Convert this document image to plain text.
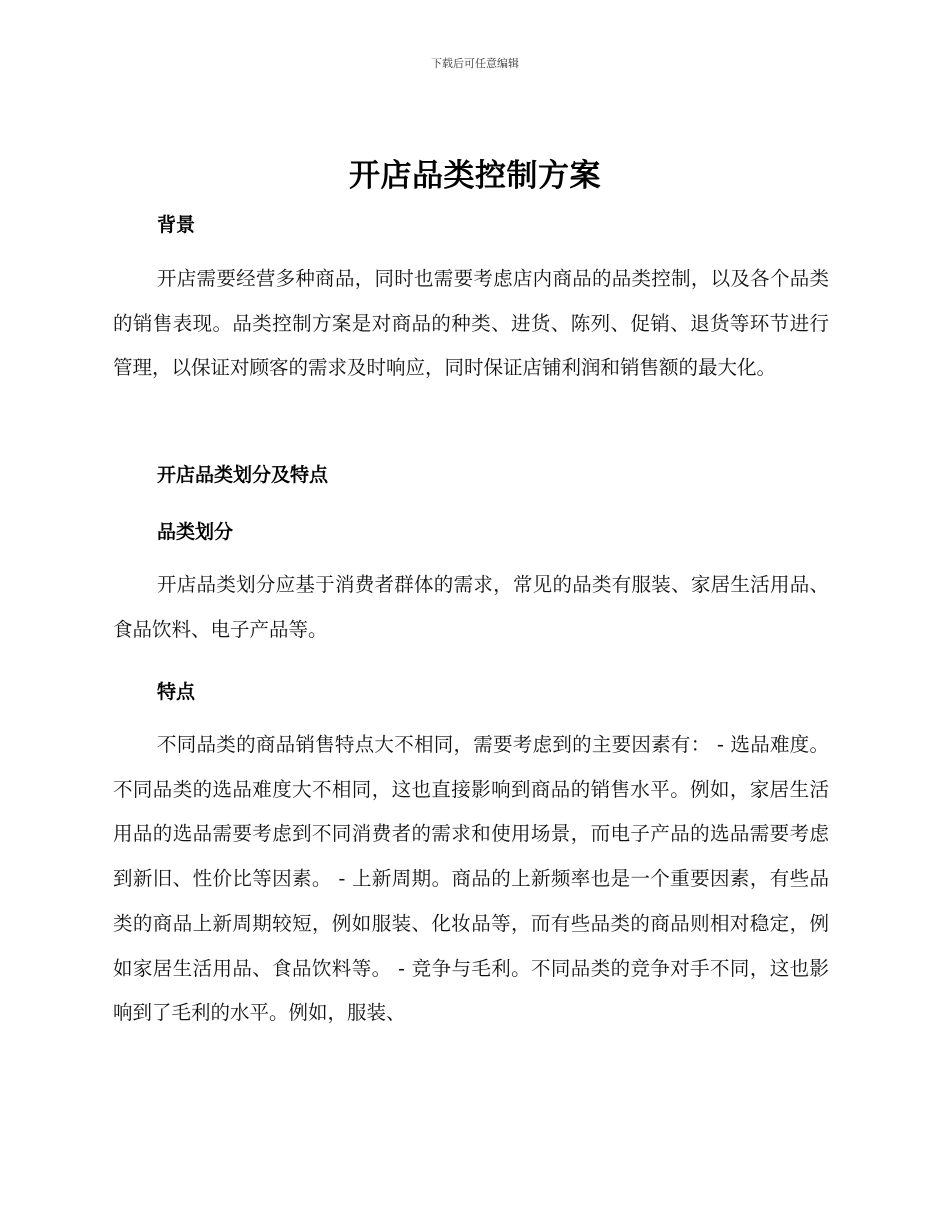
下载后可任意编辑
开店品类控制方案
背景

开店需要经营多种商品，同时也需要考虑店内商品的品类控制，以及各个品类的销售表现。品类控制方案是对商品的种类、进货、陈列、促销、退货等环节进行管理，以保证对顾客的需求及时响应，同时保证店铺利润和销售额的最大化。

开店品类划分及特点
品类划分

开店品类划分应基于消费者群体的需求，常见的品类有服装、家居生活用品、食品饮料、电子产品等。

特点

不同品类的商品销售特点大不相同，需要考虑到的主要因素有： - 选品难度。不同品类的选品难度大不相同，这也直接影响到商品的销售水平。例如，家居生活用品的选品需要考虑到不同消费者的需求和使用场景，而电子产品的选品需要考虑到新旧、性价比等因素。 - 上新周期。商品的上新频率也是一个重要因素，有些品类的商品上新周期较短，例如服装、化妆品等，而有些品类的商品则相对稳定，例如家居生活用品、食品饮料等。 - 竞争与毛利。不同品类的竞争对手不同，这也影响到了毛利的水平。例如，服装、
